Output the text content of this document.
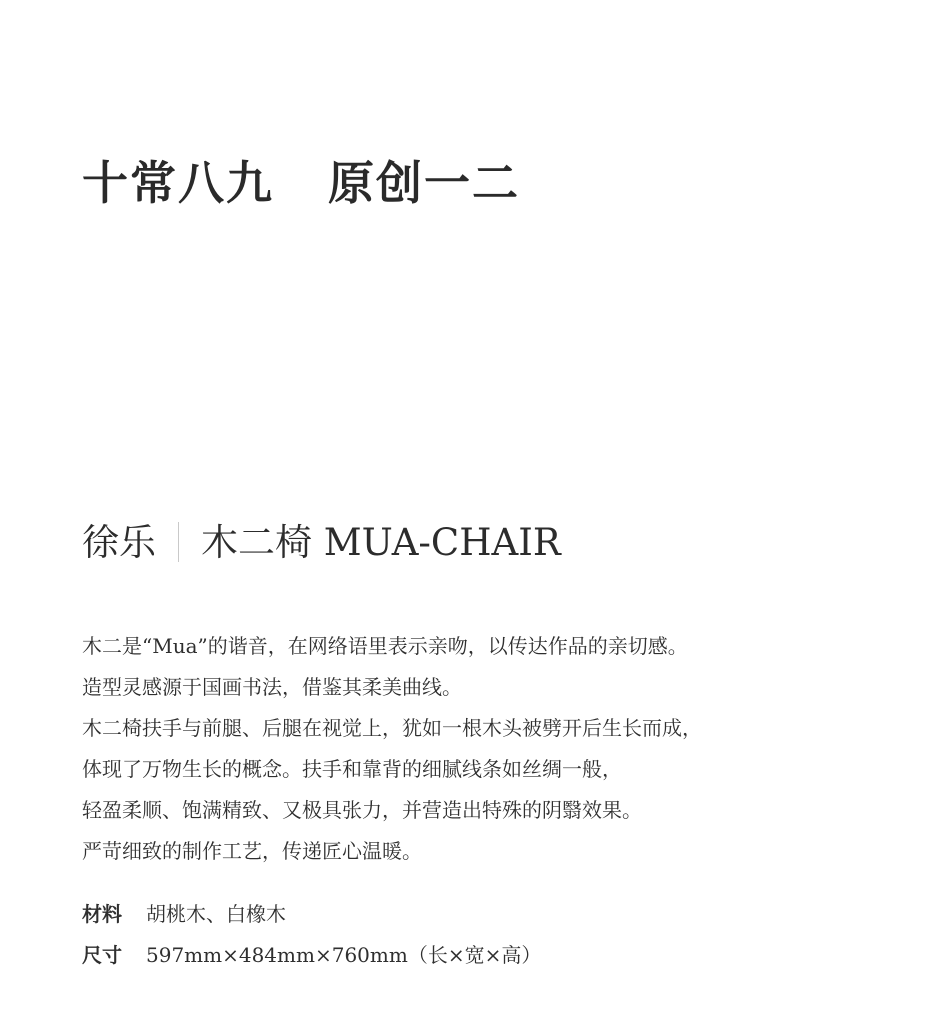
十常八九 原创一二
徐乐 木二椅 MUA-CHAIR
木二是“Mua”的谐音，在网络语里表示亲吻，以传达作品的亲切感。
造型灵感源于国画书法，借鉴其柔美曲线。
木二椅扶手与前腿、后腿在视觉上，犹如一根木头被劈开后生长而成，
体现了万物生长的概念。扶手和靠背的细腻线条如丝绸一般，
轻盈柔顺、饱满精致、又极具张力，并营造出特殊的阴翳效果。
严苛细致的制作工艺，传递匠心温暖。
材料	胡桃木、白橡木
尺寸	597mm×484mm×760mm（长×宽×高）
